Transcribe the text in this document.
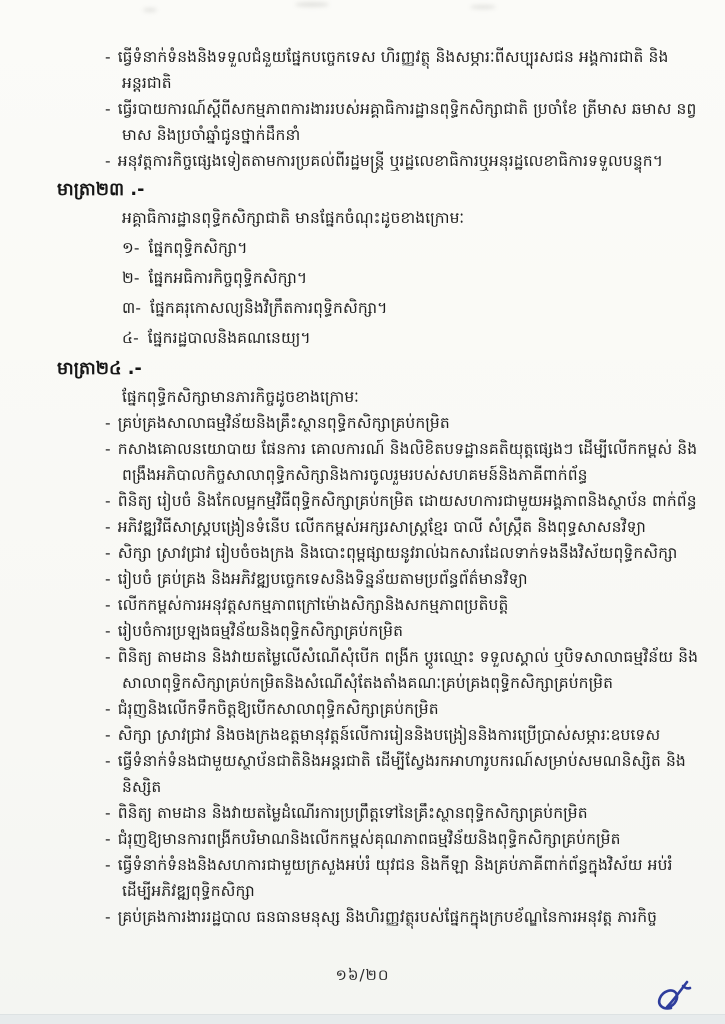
- ធ្វើទំនាក់ទំនងនិងទទួលជំនួយផ្នែកបច្ចេកទេស ហិរញ្ញវត្ថុ និងសម្ភារៈពីសប្បុរសជន អង្គការជាតិ និងអន្តរជាតិ
- ធ្វើរបាយការណ៍ស្តីពីសកម្មភាពការងាររបស់អគ្គាធិការដ្ឋានពុទ្ធិកសិក្សាជាតិ ប្រចាំខែ ត្រីមាស ឆមាស នព្វមាស និងប្រចាំឆ្នាំជូនថ្នាក់ដឹកនាំ
- អនុវត្តការកិច្ចផ្សេងទៀតតាមការប្រគល់ពីរដ្ឋមន្ត្រី ឬរដ្ឋលេខាធិការឬអនុរដ្ឋលេខាធិការទទួលបន្ទុក។
មាត្រា២៣ .-
អគ្គាធិការដ្ឋានពុទ្ធិកសិក្សាជាតិ មានផ្នែកចំណុះដូចខាងក្រោមៈ
១- ផ្នែកពុទ្ធិកសិក្សា។
២- ផ្នែកអធិការកិច្ចពុទ្ធិកសិក្សា។
៣- ផ្នែកគរុកោសល្យនិងវិក្រឹតការពុទ្ធិកសិក្សា។
៤- ផ្នែករដ្ឋបាលនិងគណនេយ្យ។
មាត្រា២៤ .-
ផ្នែកពុទ្ធិកសិក្សាមានភារកិច្ចដូចខាងក្រោមៈ
- គ្រប់គ្រងសាលាធម្មវិន័យនិងគ្រឹះស្ថានពុទ្ធិកសិក្សាគ្រប់កម្រិត
- កសាងគោលនយោបាយ ផែនការ គោលការណ៍ និងលិខិតបទដ្ឋានគតិយុត្តផ្សេងៗ ដើម្បីលើកកម្ពស់ និងពង្រឹងអភិបាលកិច្ចសាលាពុទ្ធិកសិក្សានិងការចូលរួមរបស់សហគមន៍និងភាគីពាក់ព័ន្ធ
- ពិនិត្យ រៀបចំ និងកែលម្អកម្មវិធីពុទ្ធិកសិក្សាគ្រប់កម្រិត ដោយសហការជាមួយអង្គភាពនិងស្ថាប័ន ពាក់ព័ន្ធ
- អភិវឌ្ឍវិធីសាស្ត្របង្រៀនទំនើប លើកកម្ពស់អក្សរសាស្ត្រខ្មែរ បាលី សំស្ក្រឹត និងពុទ្ធសាសនវិទ្យា
- សិក្សា ស្រាវជ្រាវ រៀបចំចងក្រង និងបោះពុម្ពផ្សាយនូវរាល់ឯកសារដែលទាក់ទងនឹងវិស័យពុទ្ធិកសិក្សា
- រៀបចំ គ្រប់គ្រង និងអភិវឌ្ឍបច្ចេកទេសនិងទិន្នន័យតាមប្រព័ន្ធព័ត៌មានវិទ្យា
- លើកកម្ពស់ការអនុវត្តសកម្មភាពក្រៅម៉ោងសិក្សានិងសកម្មភាពប្រតិបត្តិ
- រៀបចំការប្រឡងធម្មវិន័យនិងពុទ្ធិកសិក្សាគ្រប់កម្រិត
- ពិនិត្យ តាមដាន និងវាយតម្លៃលើសំណើសុំបើក ពង្រីក ប្តូរឈ្មោះ ទទួលស្គាល់ ឬបិទសាលាធម្មវិន័យ និងសាលាពុទ្ធិកសិក្សាគ្រប់កម្រិតនិងសំណើសុំតែងតាំងគណៈគ្រប់គ្រងពុទ្ធិកសិក្សាគ្រប់កម្រិត
- ជំរុញនិងលើកទឹកចិត្តឱ្យបើកសាលាពុទ្ធិកសិក្សាគ្រប់កម្រិត
- សិក្សា ស្រាវជ្រាវ និងចងក្រងឧត្តមានុវត្តន៍លើការរៀននិងបង្រៀននិងការប្រើប្រាស់សម្ភារៈឧបទេស
- ធ្វើទំនាក់ទំនងជាមួយស្ថាប័នជាតិនិងអន្តរជាតិ ដើម្បីស្វែងរកអាហារូបករណ៍សម្រាប់សមណនិស្សិត និងនិស្សិត
- ពិនិត្យ តាមដាន និងវាយតម្លៃដំណើរការប្រព្រឹត្តទៅនៃគ្រឹះស្ថានពុទ្ធិកសិក្សាគ្រប់កម្រិត
- ជំរុញឱ្យមានការពង្រីកបរិមាណនិងលើកកម្ពស់គុណភាពធម្មវិន័យនិងពុទ្ធិកសិក្សាគ្រប់កម្រិត
- ធ្វើទំនាក់ទំនងនិងសហការជាមួយក្រសួងអប់រំ យុវជន និងកីឡា និងគ្រប់ភាគីពាក់ព័ន្ធក្នុងវិស័យ អប់រំ ដើម្បីអភិវឌ្ឍពុទ្ធិកសិក្សា
- គ្រប់គ្រងការងាររដ្ឋបាល ធនធានមនុស្ស និងហិរញ្ញវត្ថុរបស់ផ្នែកក្នុងក្របខ័ណ្ឌនៃការអនុវត្ត ភារកិច្ច
១៦/២០
